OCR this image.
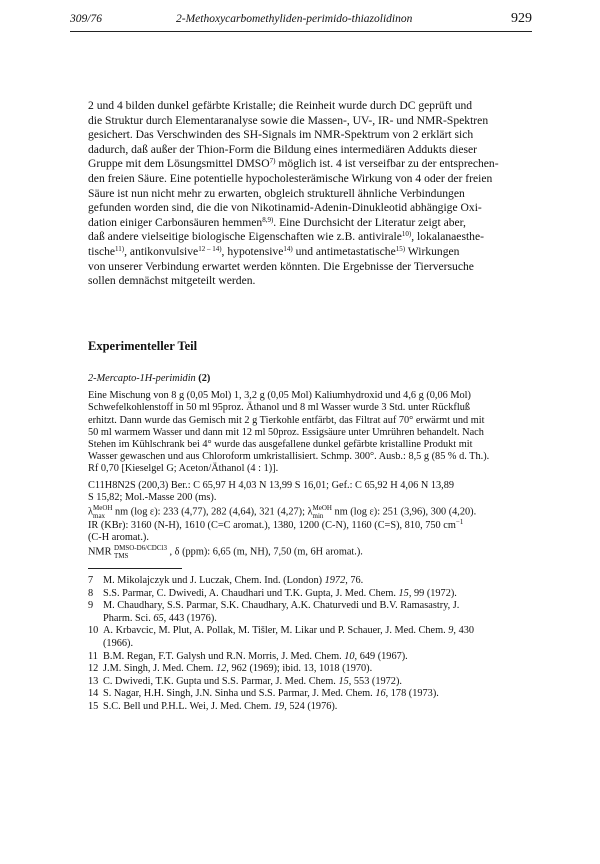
309/76	2-Methoxycarbomethyliden-perimido-thiazolidinon	929
2 und 4 bilden dunkel gefärbte Kristalle; die Reinheit wurde durch DC geprüft und
die Struktur durch Elementaranalyse sowie die Massen-, UV-, IR- und NMR-Spektren
gesichert. Das Verschwinden des SH-Signals im NMR-Spektrum von 2 erklärt sich
dadurch, daß außer der Thion-Form die Bildung eines intermediären Addukts dieser
Gruppe mit dem Lösungsmittel DMSO$^{7)}$ möglich ist. 4 ist verseifbar zu der entsprechen-
den freien Säure. Eine potentielle hypocholesterämische Wirkung von 4 oder der freien
Säure ist nun nicht mehr zu erwarten, obgleich strukturell ähnliche Verbindungen
gefunden worden sind, die die von Nikotinamid-Adenin-Dinukleotid abhängige Oxi-
dation einiger Carbonsäuren hemmen$^{8,9)}$. Eine Durchsicht der Literatur zeigt aber,
daß andere vielseitige biologische Eigenschaften wie z.B. antivirale$^{10)}$, lokalanaesthe-
tische$^{11)}$, antikonvulsive$^{12 - 14)}$, hypotensive$^{14)}$ und antimetastatische$^{15)}$ Wirkungen
von unserer Verbindung erwartet werden könnten. Die Ergebnisse der Tierversuche
sollen demnächst mitgeteilt werden.
Experimenteller Teil
2-Mercapto-1H-perimidin (2)
Eine Mischung von 8 g (0,05 Mol) 1, 3,2 g (0,05 Mol) Kaliumhydroxid und 4,6 g (0,06 Mol)
Schwefelkohlenstoff in 50 ml 95proz. Äthanol und 8 ml Wasser wurde 3 Std. unter Rückfluß
erhitzt. Dann wurde das Gemisch mit 2 g Tierkohle entfärbt, das Filtrat auf 70° erwärmt und mit
50 ml warmem Wasser und dann mit 12 ml 50proz. Essigsäure unter Umrühren behandelt. Nach
Stehen im Kühlschrank bei 4° wurde das ausgefallene dunkel gefärbte kristalline Produkt mit
Wasser gewaschen und aus Chloroform umkristallisiert. Schmp. 300°. Ausb.: 8,5 g (85 % d. Th.).
Rf 0,70 [Kieselgel G; Aceton/Äthanol (4 : 1)].
C11H8N2S (200,3) Ber.: C 65,97 H 4,03 N 13,99 S 16,01; Gef.: C 65,92 H 4,06 N 13,89
S 15,82; Mol.-Masse 200 (ms).
λ MeOH
max nm (log ε): 233 (4,77), 282 (4,64), 321 (4,27); λ MeOH
min nm (log ε): 251 (3,96), 300 (4,20).
IR (KBr): 3160 (N-H), 1610 (C=C aromat.), 1380, 1200 (C-N), 1160 (C=S), 810, 750 $cm^{-1}$
(C-H aromat.).
NMR DMSO-D6/CDCl3
TMS	, δ (ppm): 6,65 (m, NH), 7,50 (m, 6H aromat.).
7 M. Mikolajczyk und J. Luczak, Chem. Ind. (London) 1972, 76.
8 S.S. Parmar, C. Dwivedi, A. Chaudhari und T.K. Gupta, J. Med. Chem. 15, 99 (1972).
9 M. Chaudhary, S.S. Parmar, S.K. Chaudhary, A.K. Chaturvedi und B.V. Ramasastry, J.
Pharm. Sci. 65, 443 (1976).
10 A. Krbavcic, M. Plut, A. Pollak, M. Tišler, M. Likar und P. Schauer, J. Med. Chem. 9, 430
(1966).
11 B.M. Regan, F.T. Galysh und R.N. Morris, J. Med. Chem. 10, 649 (1967).
12 J.M. Singh, J. Med. Chem. 12, 962 (1969); ibid. 13, 1018 (1970).
13 C. Dwivedi, T.K. Gupta und S.S. Parmar, J. Med. Chem. 15, 553 (1972).
14 S. Nagar, H.H. Singh, J.N. Sinha und S.S. Parmar, J. Med. Chem. 16, 178 (1973).
15 S.C. Bell und P.H.L. Wei, J. Med. Chem. 19, 524 (1976).
